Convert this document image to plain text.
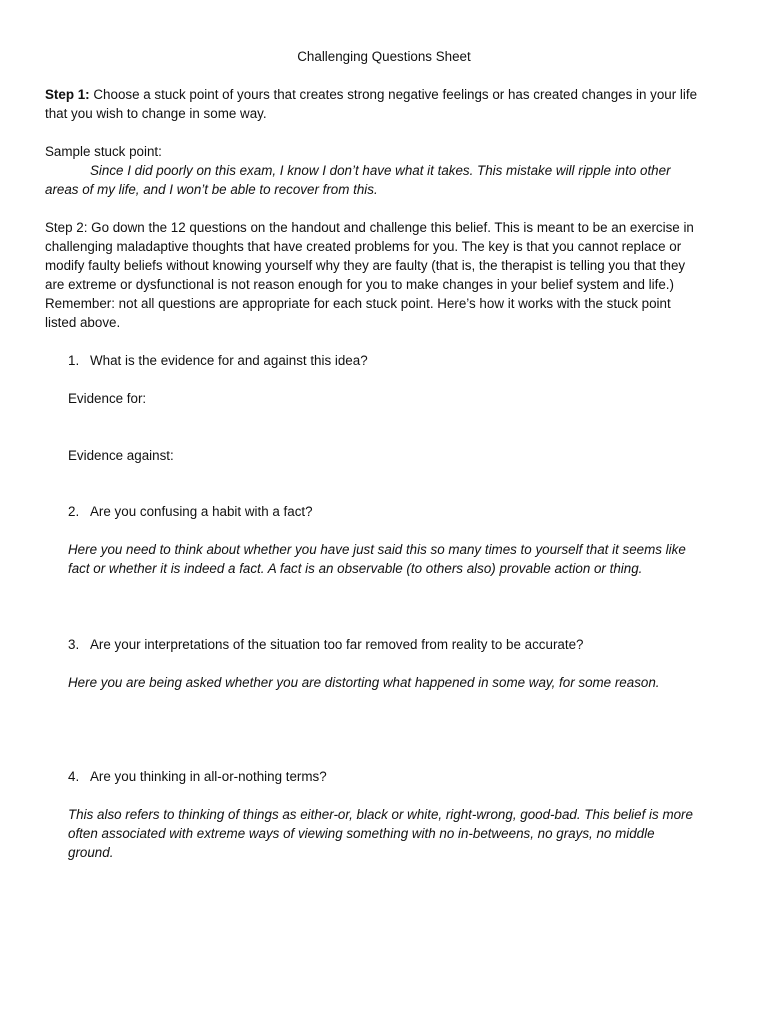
Challenging Questions Sheet
Step 1: Choose a stuck point of yours that creates strong negative feelings or has created changes in your life
that you wish to change in some way.
Sample stuck point:
Since I did poorly on this exam, I know I don’t have what it takes. This mistake will ripple into other
areas of my life, and I won’t be able to recover from this.
Step 2: Go down the 12 questions on the handout and challenge this belief. This is meant to be an exercise in
challenging maladaptive thoughts that have created problems for you. The key is that you cannot replace or
modify faulty beliefs without knowing yourself why they are faulty (that is, the therapist is telling you that they
are extreme or dysfunctional is not reason enough for you to make changes in your belief system and life.)
Remember: not all questions are appropriate for each stuck point. Here’s how it works with the stuck point
listed above.
1. What is the evidence for and against this idea?
Evidence for:
Evidence against:
2. Are you confusing a habit with a fact?
Here you need to think about whether you have just said this so many times to yourself that it seems like
fact or whether it is indeed a fact. A fact is an observable (to others also) provable action or thing.
3. Are your interpretations of the situation too far removed from reality to be accurate?
Here you are being asked whether you are distorting what happened in some way, for some reason.
4. Are you thinking in all-or-nothing terms?
This also refers to thinking of things as either-or, black or white, right-wrong, good-bad. This belief is more
often associated with extreme ways of viewing something with no in-betweens, no grays, no middle
ground.
